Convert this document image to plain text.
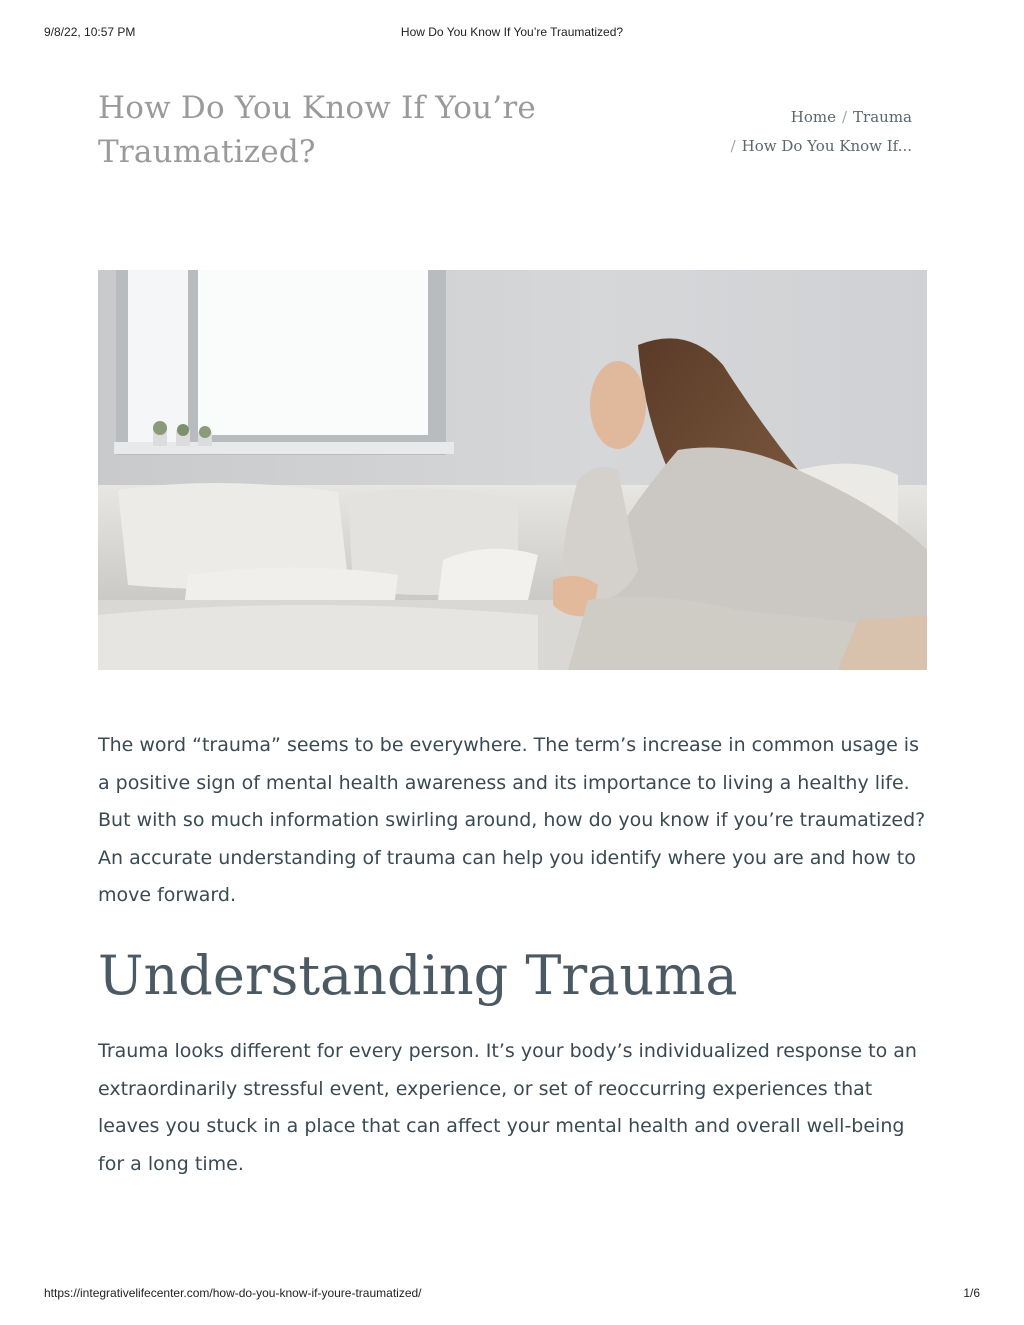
9/8/22, 10:57 PM	How Do You Know If You’re Traumatized?
How Do You Know If You’re Traumatized?
Home / Trauma
/ How Do You Know If...

The word “trauma” seems to be everywhere. The term’s increase in common usage is a positive sign of mental health awareness and its importance to living a healthy life. But with so much information swirling around, how do you know if you’re traumatized? An accurate understanding of trauma can help you identify where you are and how to move forward.

Understanding Trauma

Trauma looks different for every person. It’s your body’s individualized response to an extraordinarily stressful event, experience, or set of reoccurring experiences that leaves you stuck in a place that can affect your mental health and overall well-being for a long time.

https://integrativelifecenter.com/how-do-you-know-if-youre-traumatized/	1/6
